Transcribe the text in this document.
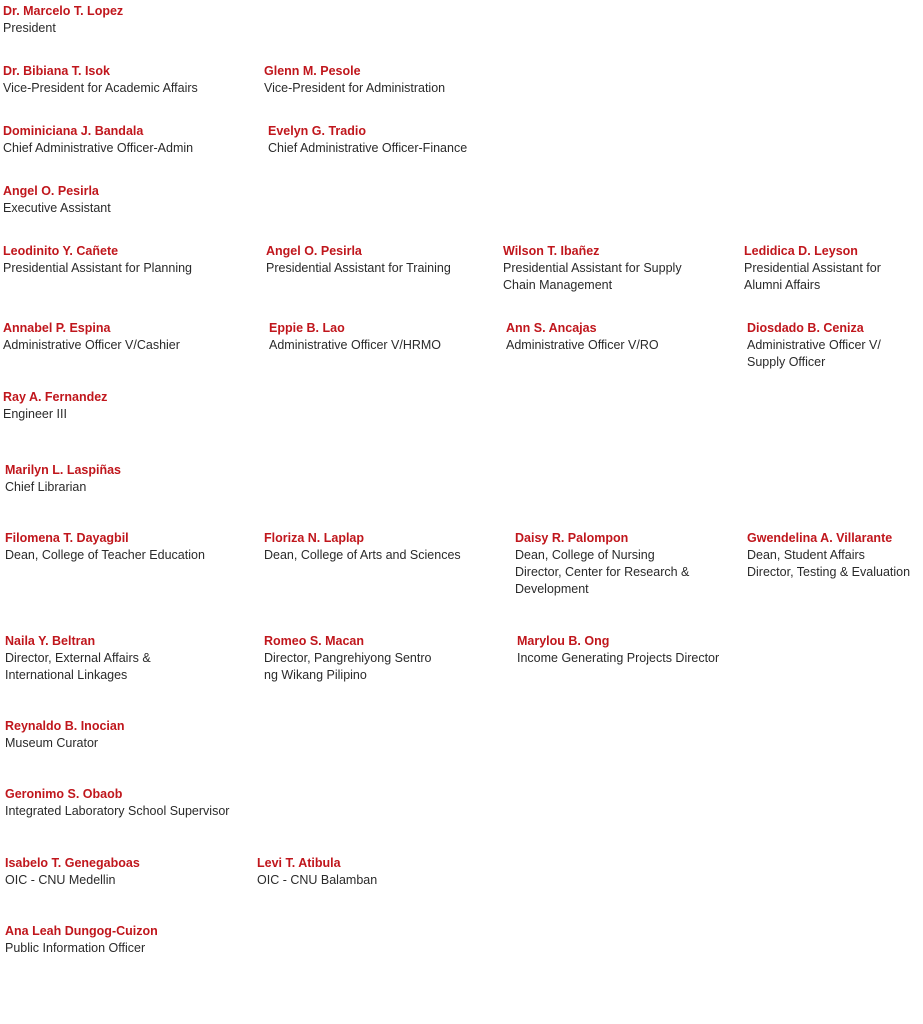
Dr. Marcelo T. Lopez
President
Dr. Bibiana T. Isok
Vice-President for Academic Affairs
Glenn M. Pesole
Vice-President for Administration
Dominiciana J. Bandala
Chief Administrative Officer-Admin
Evelyn G. Tradio
Chief Administrative Officer-Finance
Angel O. Pesirla
Executive Assistant
Leodinito Y. Cañete
Presidential Assistant for Planning
Angel O. Pesirla
Presidential Assistant for Training
Wilson T. Ibañez
Presidential Assistant for Supply
Chain Management
Ledidica D. Leyson
Presidential Assistant for
Alumni Affairs
Annabel P. Espina
Administrative Officer V/Cashier
Eppie B. Lao
Administrative Officer V/HRMO
Ann S. Ancajas
Administrative Officer V/RO
Diosdado B. Ceniza
Administrative Officer V/
Supply Officer
Ray A. Fernandez
Engineer III
Marilyn L. Laspiñas
Chief Librarian
Filomena T. Dayagbil
Dean, College of Teacher Education
Floriza N. Laplap
Dean, College of Arts and Sciences
Daisy R. Palompon
Dean, College of Nursing
Director, Center for Research &
Development
Gwendelina A. Villarante
Dean, Student Affairs
Director, Testing & Evaluation
Naila Y. Beltran
Director, External Affairs &
International Linkages
Romeo S. Macan
Director, Pangrehiyong Sentro
ng Wikang Pilipino
Marylou B. Ong
Income Generating Projects Director
Reynaldo B. Inocian
Museum Curator
Geronimo S. Obaob
Integrated Laboratory School Supervisor
Isabelo T. Genegaboas
OIC - CNU Medellin
Levi T. Atibula
OIC - CNU Balamban
Ana Leah Dungog-Cuizon
Public Information Officer
